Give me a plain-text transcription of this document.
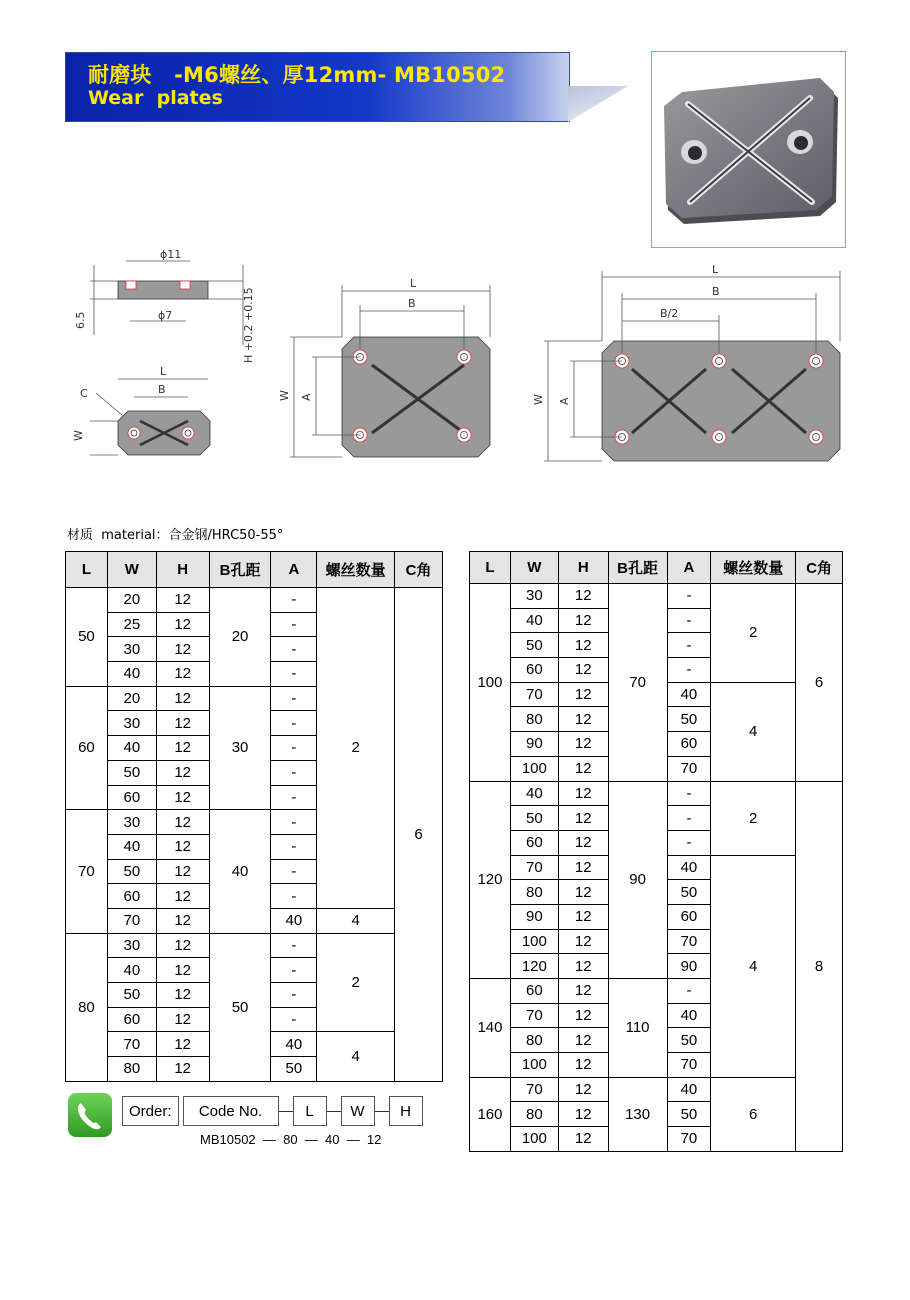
耐磨块   -M6螺丝、厚12mm- MB10502
Wear  plates
ϕ11
ϕ7
6.5	H +0.2 +0.15
L
B
C
W
L
B
W A
L
B
B/2
W A
材质  material：合金钢/HRC50-55°
L	W	H	B孔距	A	螺丝数量	C角
50	20	12	20	-	2	6
	25	12		-		
	30	12		-		
	40	12		-		
60	20	12	30	-		
	30	12		-		
	40	12		-		
	50	12		-		
	60	12		-		
70	30	12	40	-		
	40	12		-		
	50	12		-		
	60	12		-		
	70	12		40	4	
80	30	12	50	-	2	
	40	12		-		
	50	12		-		
	60	12		-		
	70	12		40	4	
	80	12		50		
L	W	H	B孔距	A	螺丝数量	C角
100	30	12	70	-	2	6
	40	12		-		
	50	12		-		
	60	12		-		
	70	12		40	4	
	80	12		50		
	90	12		60		
	100	12		70		
120	40	12	90	-	2	8
	50	12		-		
	60	12		-		
	70	12		40	4	
	80	12		50		
	90	12		60		
	100	12		70		
	120	12		90		
140	60	12	110	-		
	70	12		40		
	80	12		50		
	100	12		70		
160	70	12	130	40	6	
	80	12		50		
	100	12		70		
Order:	Code No.	L	W	H
MB10502  —  80  —  40  —  12
